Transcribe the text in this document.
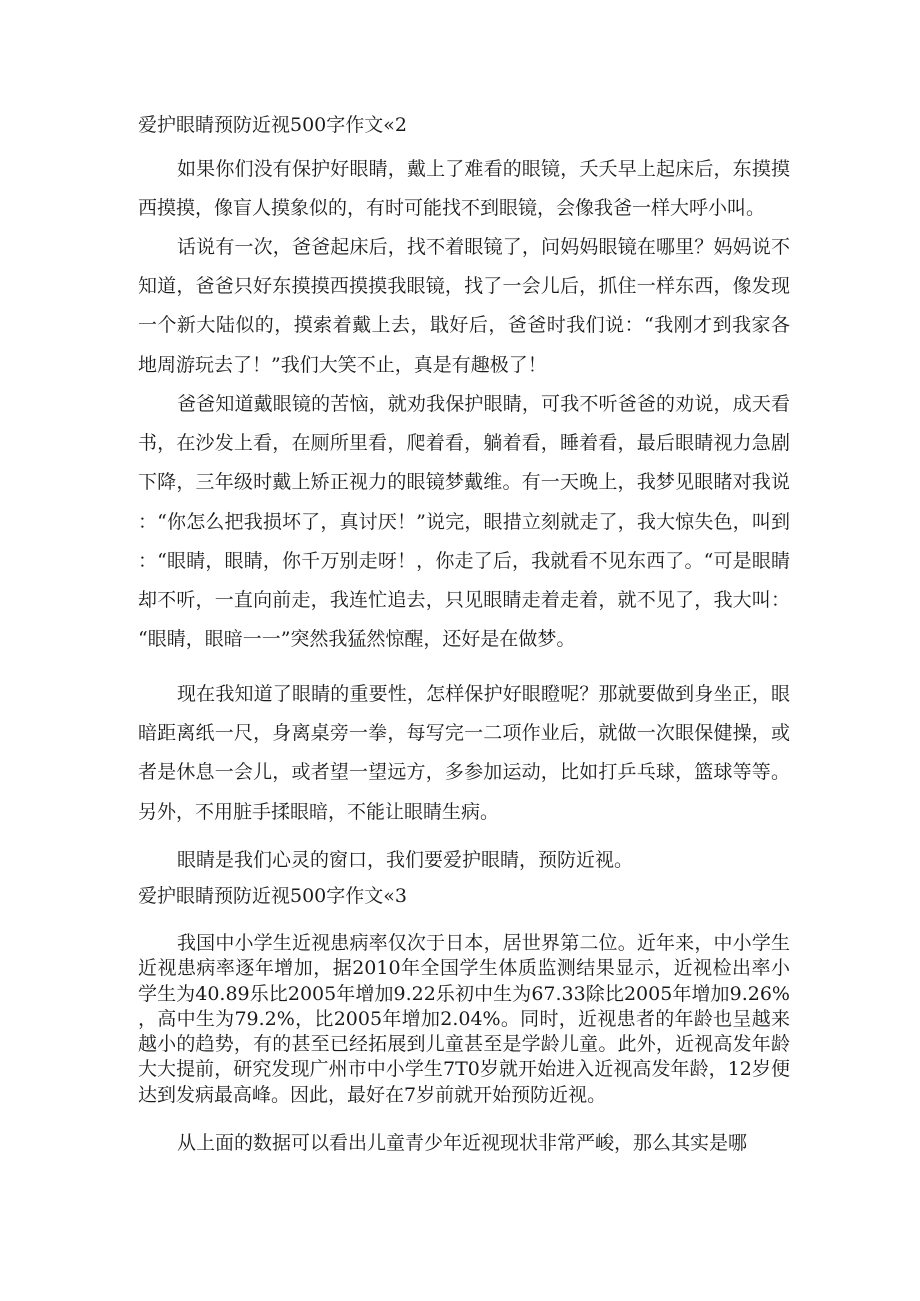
爱护眼睛预防近视500字作文«2

如果你们没有保护好眼睛，戴上了难看的眼镜，夭夭早上起床后，东摸摸西摸摸，像盲人摸象似的，有时可能找不到眼镜，会像我爸一样大呼小叫。

话说有一次，爸爸起床后，找不着眼镜了，问妈妈眼镜在哪里？妈妈说不知道，爸爸只好东摸摸西摸摸我眼镜，找了一会儿后，抓住一样东西，像发现一个新大陆似的，摸索着戴上去，戢好后，爸爸时我们说：“我刚才到我家各地周游玩去了！”我们大笑不止，真是有趣极了！

爸爸知道戴眼镜的苦恼，就劝我保护眼睛，可我不听爸爸的劝说，成天看书，在沙发上看，在厕所里看，爬着看，躺着看，睡着看，最后眼睛视力急剧下降，三年级时戴上矫正视力的眼镜梦戴维。有一天晚上，我梦见眼睹对我说：“你怎么把我损坏了，真讨厌！”说完，眼措立刻就走了，我大惊失色，叫到：“眼睛，眼睛，你千万别走呀！，你走了后，我就看不见东西了。“可是眼睛却不听，一直向前走，我连忙追去，只见眼睛走着走着，就不见了，我大叫：“眼睛，眼暗一一”突然我猛然惊醒，还好是在做梦。

现在我知道了眼睛的重要性，怎样保护好眼瞪呢？那就要做到身坐正，眼暗距离纸一尺，身离桌旁一拳，每写完一二项作业后，就做一次眼保健操，或者是休息一会儿，或者望一望远方，多参加运动，比如打乒乓球，篮球等等。另外，不用脏手揉眼暗，不能让眼睛生病。

眼睛是我们心灵的窗口，我们要爱护眼睛，预防近视。

爱护眼睛预防近视500字作文«3

我国中小学生近视患病率仅次于日本，居世界第二位。近年来，中小学生近视患病率逐年增加，据2010年全国学生体质监测结果显示，近视检出率小学生为40.89乐比2005年增加9.22乐初中生为67.33除比2005年增加9.26%，高中生为79.2%，比2005年增加2.04%。同时，近视患者的年龄也呈越来越小的趋势，有的甚至已经拓展到儿童甚至是学龄儿童。此外，近视高发年龄大大提前，研究发现广州市中小学生7T0岁就开始进入近视高发年龄，12岁便达到发病最高峰。因此，最好在7岁前就开始预防近视。

从上面的数据可以看出儿童青少年近视现状非常严峻，那么其实是哪
